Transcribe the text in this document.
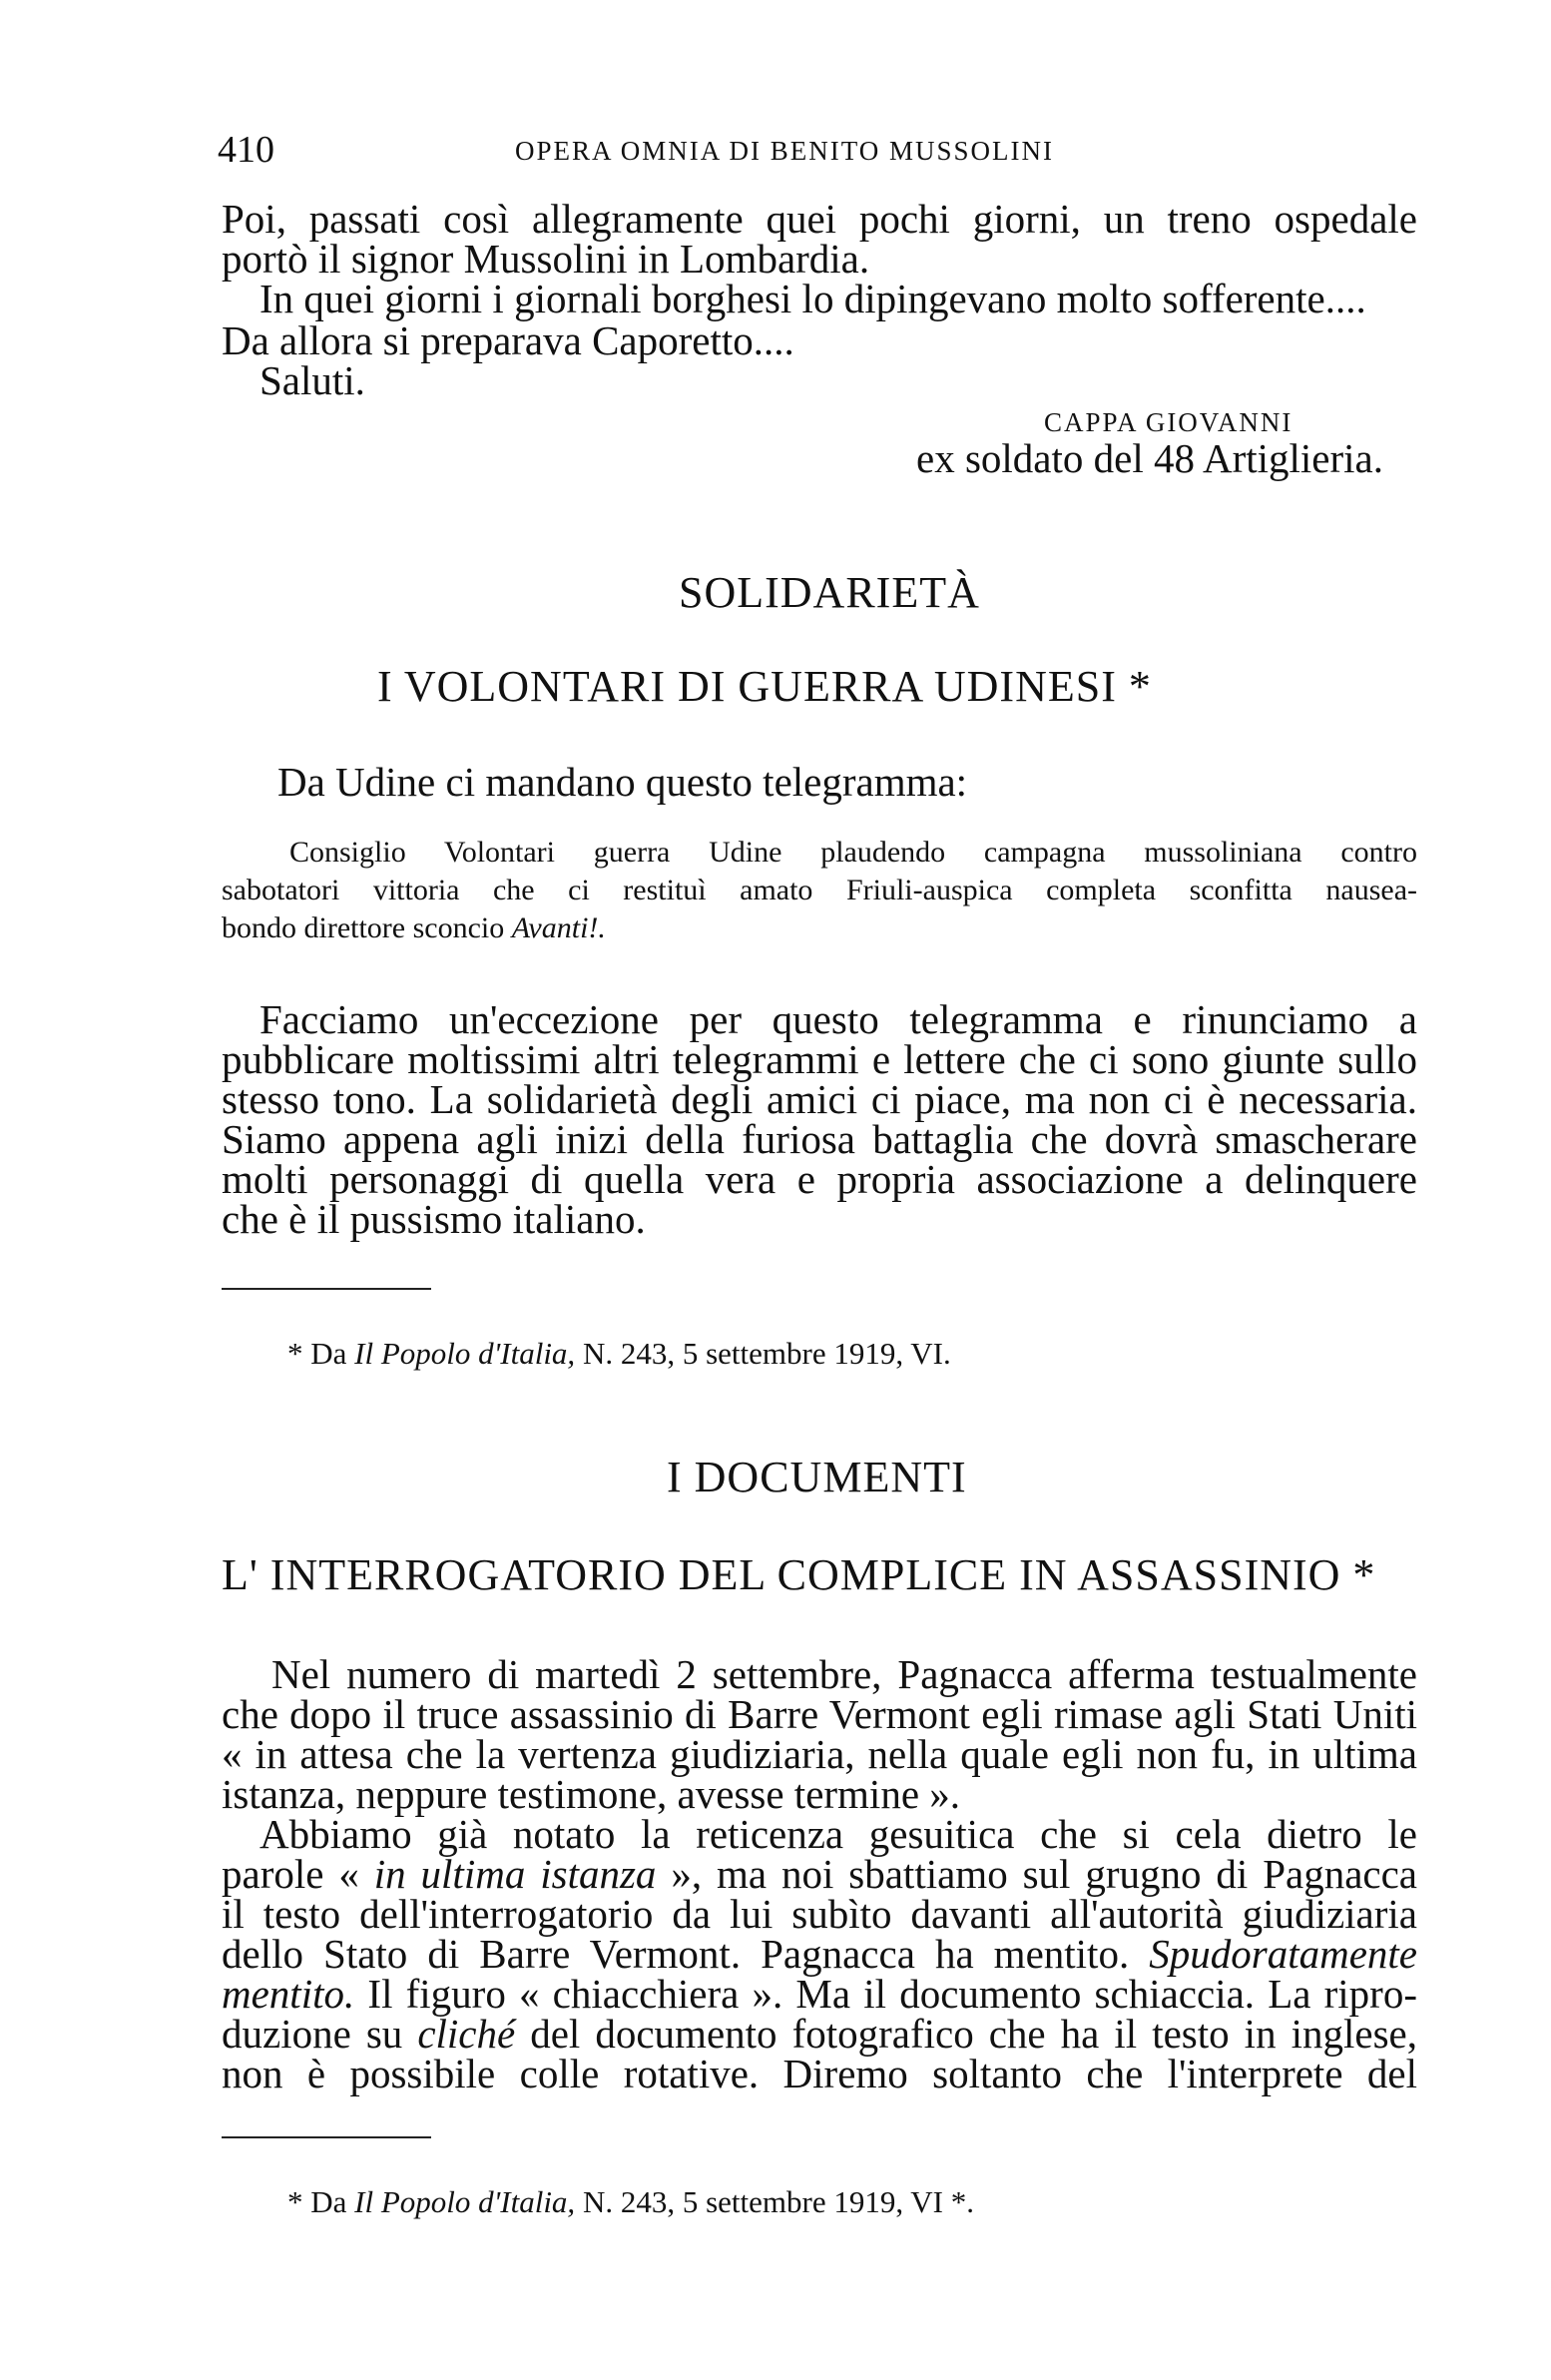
410	OPERA OMNIA DI BENITO MUSSOLINI
Poi, passati così allegramente quei pochi giorni, un treno ospedale
portò il signor Mussolini in Lombardia.
In quei giorni i giornali borghesi lo dipingevano molto sofferente....
Da allora si preparava Caporetto....
Saluti.
CAPPA GIOVANNI
ex soldato del 48 Artiglieria.
SOLIDARIETÀ
I VOLONTARI DI GUERRA UDINESI *
Da Udine ci mandano questo telegramma:
Consiglio Volontari guerra Udine plaudendo campagna mussoliniana contro
sabotatori vittoria che ci restituì amato Friuli-auspica completa sconfitta nausea-
bondo direttore sconcio Avanti!.
Facciamo un'eccezione per questo telegramma e rinunciamo a
pubblicare moltissimi altri telegrammi e lettere che ci sono giunte sullo
stesso tono. La solidarietà degli amici ci piace, ma non ci è necessaria.
Siamo appena agli inizi della furiosa battaglia che dovrà smascherare
molti personaggi di quella vera e propria associazione a delinquere
che è il pussismo italiano.
* Da Il Popolo d'Italia, N. 243, 5 settembre 1919, VI.
I DOCUMENTI
L' INTERROGATORIO DEL COMPLICE IN ASSASSINIO *
Nel numero di martedì 2 settembre, Pagnacca afferma testualmente
che dopo il truce assassinio di Barre Vermont egli rimase agli Stati Uniti
« in attesa che la vertenza giudiziaria, nella quale egli non fu, in ultima
istanza, neppure testimone, avesse termine ».
Abbiamo già notato la reticenza gesuitica che si cela dietro le
parole « in ultima istanza », ma noi sbattiamo sul grugno di Pagnacca
il testo dell'interrogatorio da lui subìto davanti all'autorità giudiziaria
dello Stato di Barre Vermont. Pagnacca ha mentito. Spudoratamente
mentito. Il figuro « chiacchiera ». Ma il documento schiaccia. La ripro-
duzione su cliché del documento fotografico che ha il testo in inglese,
non è possibile colle rotative. Diremo soltanto che l'interprete del
* Da Il Popolo d'Italia, N. 243, 5 settembre 1919, VI *.
